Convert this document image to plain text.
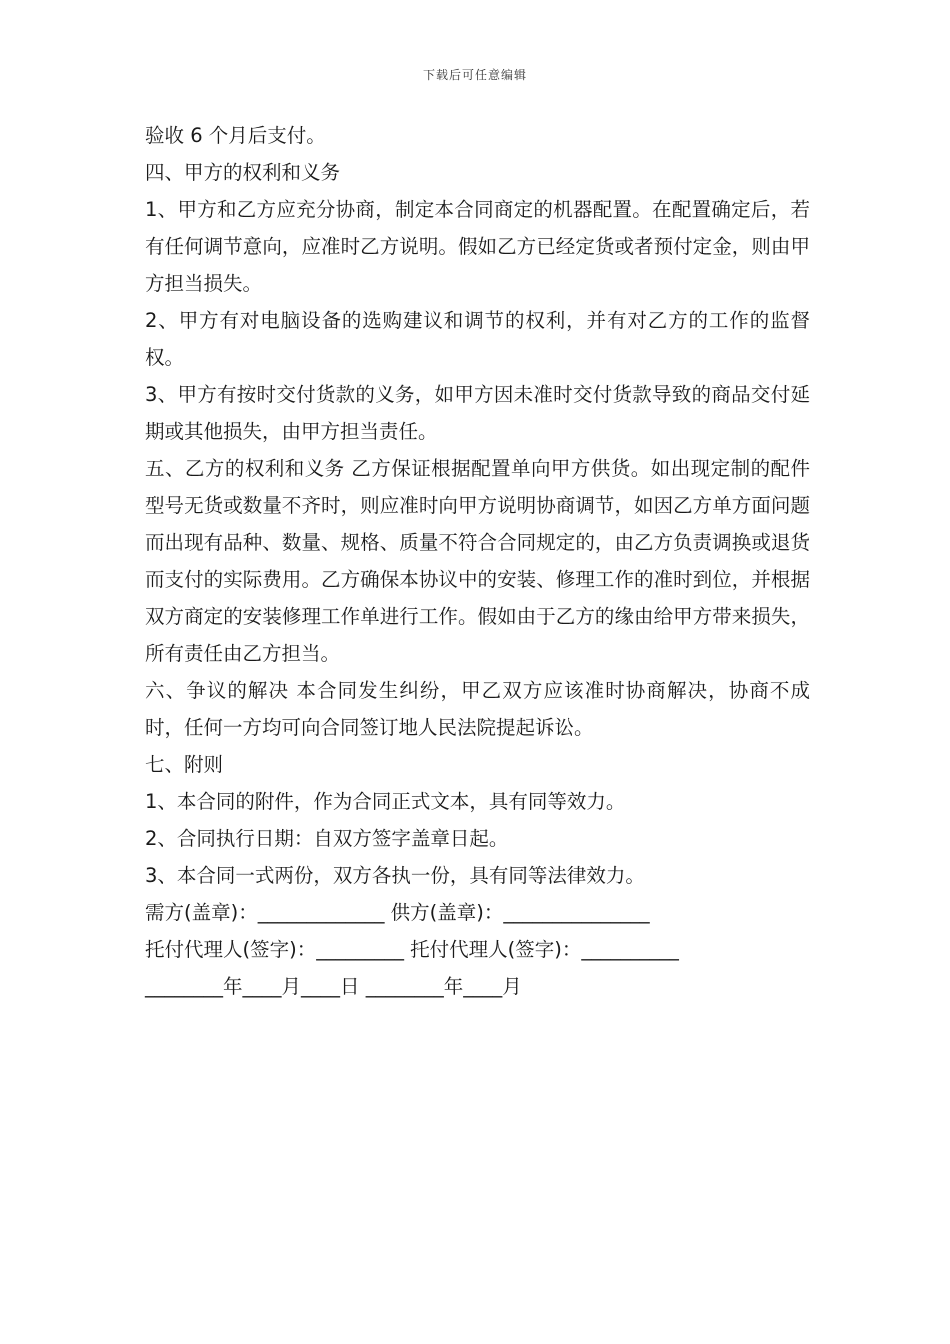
下载后可任意编辑

验收 6 个月后支付。

四、甲方的权利和义务

1、甲方和乙方应充分协商，制定本合同商定的机器配置。在配置确定后，若有任何调节意向，应准时乙方说明。假如乙方已经定货或者预付定金，则由甲方担当损失。

2、甲方有对电脑设备的选购建议和调节的权利，并有对乙方的工作的监督权。

3、甲方有按时交付货款的义务，如甲方因未准时交付货款导致的商品交付延期或其他损失，由甲方担当责任。

五、乙方的权利和义务 乙方保证根据配置单向甲方供货。如出现定制的配件型号无货或数量不齐时，则应准时向甲方说明协商调节，如因乙方单方面问题而出现有品种、数量、规格、质量不符合合同规定的，由乙方负责调换或退货而支付的实际费用。乙方确保本协议中的安装、修理工作的准时到位，并根据双方商定的安装修理工作单进行工作。假如由于乙方的缘由给甲方带来损失，所有责任由乙方担当。

六、争议的解决 本合同发生纠纷，甲乙双方应该准时协商解决，协商不成时，任何一方均可向合同签订地人民法院提起诉讼。

七、附则

1、本合同的附件，作为合同正式文本，具有同等效力。

2、合同执行日期：自双方签字盖章日起。

3、本合同一式两份，双方各执一份，具有同等法律效力。

需方(盖章)：_____________ 供方(盖章)：_______________

托付代理人(签字)：_________ 托付代理人(签字)：__________

________年____月____日 ________年____月
